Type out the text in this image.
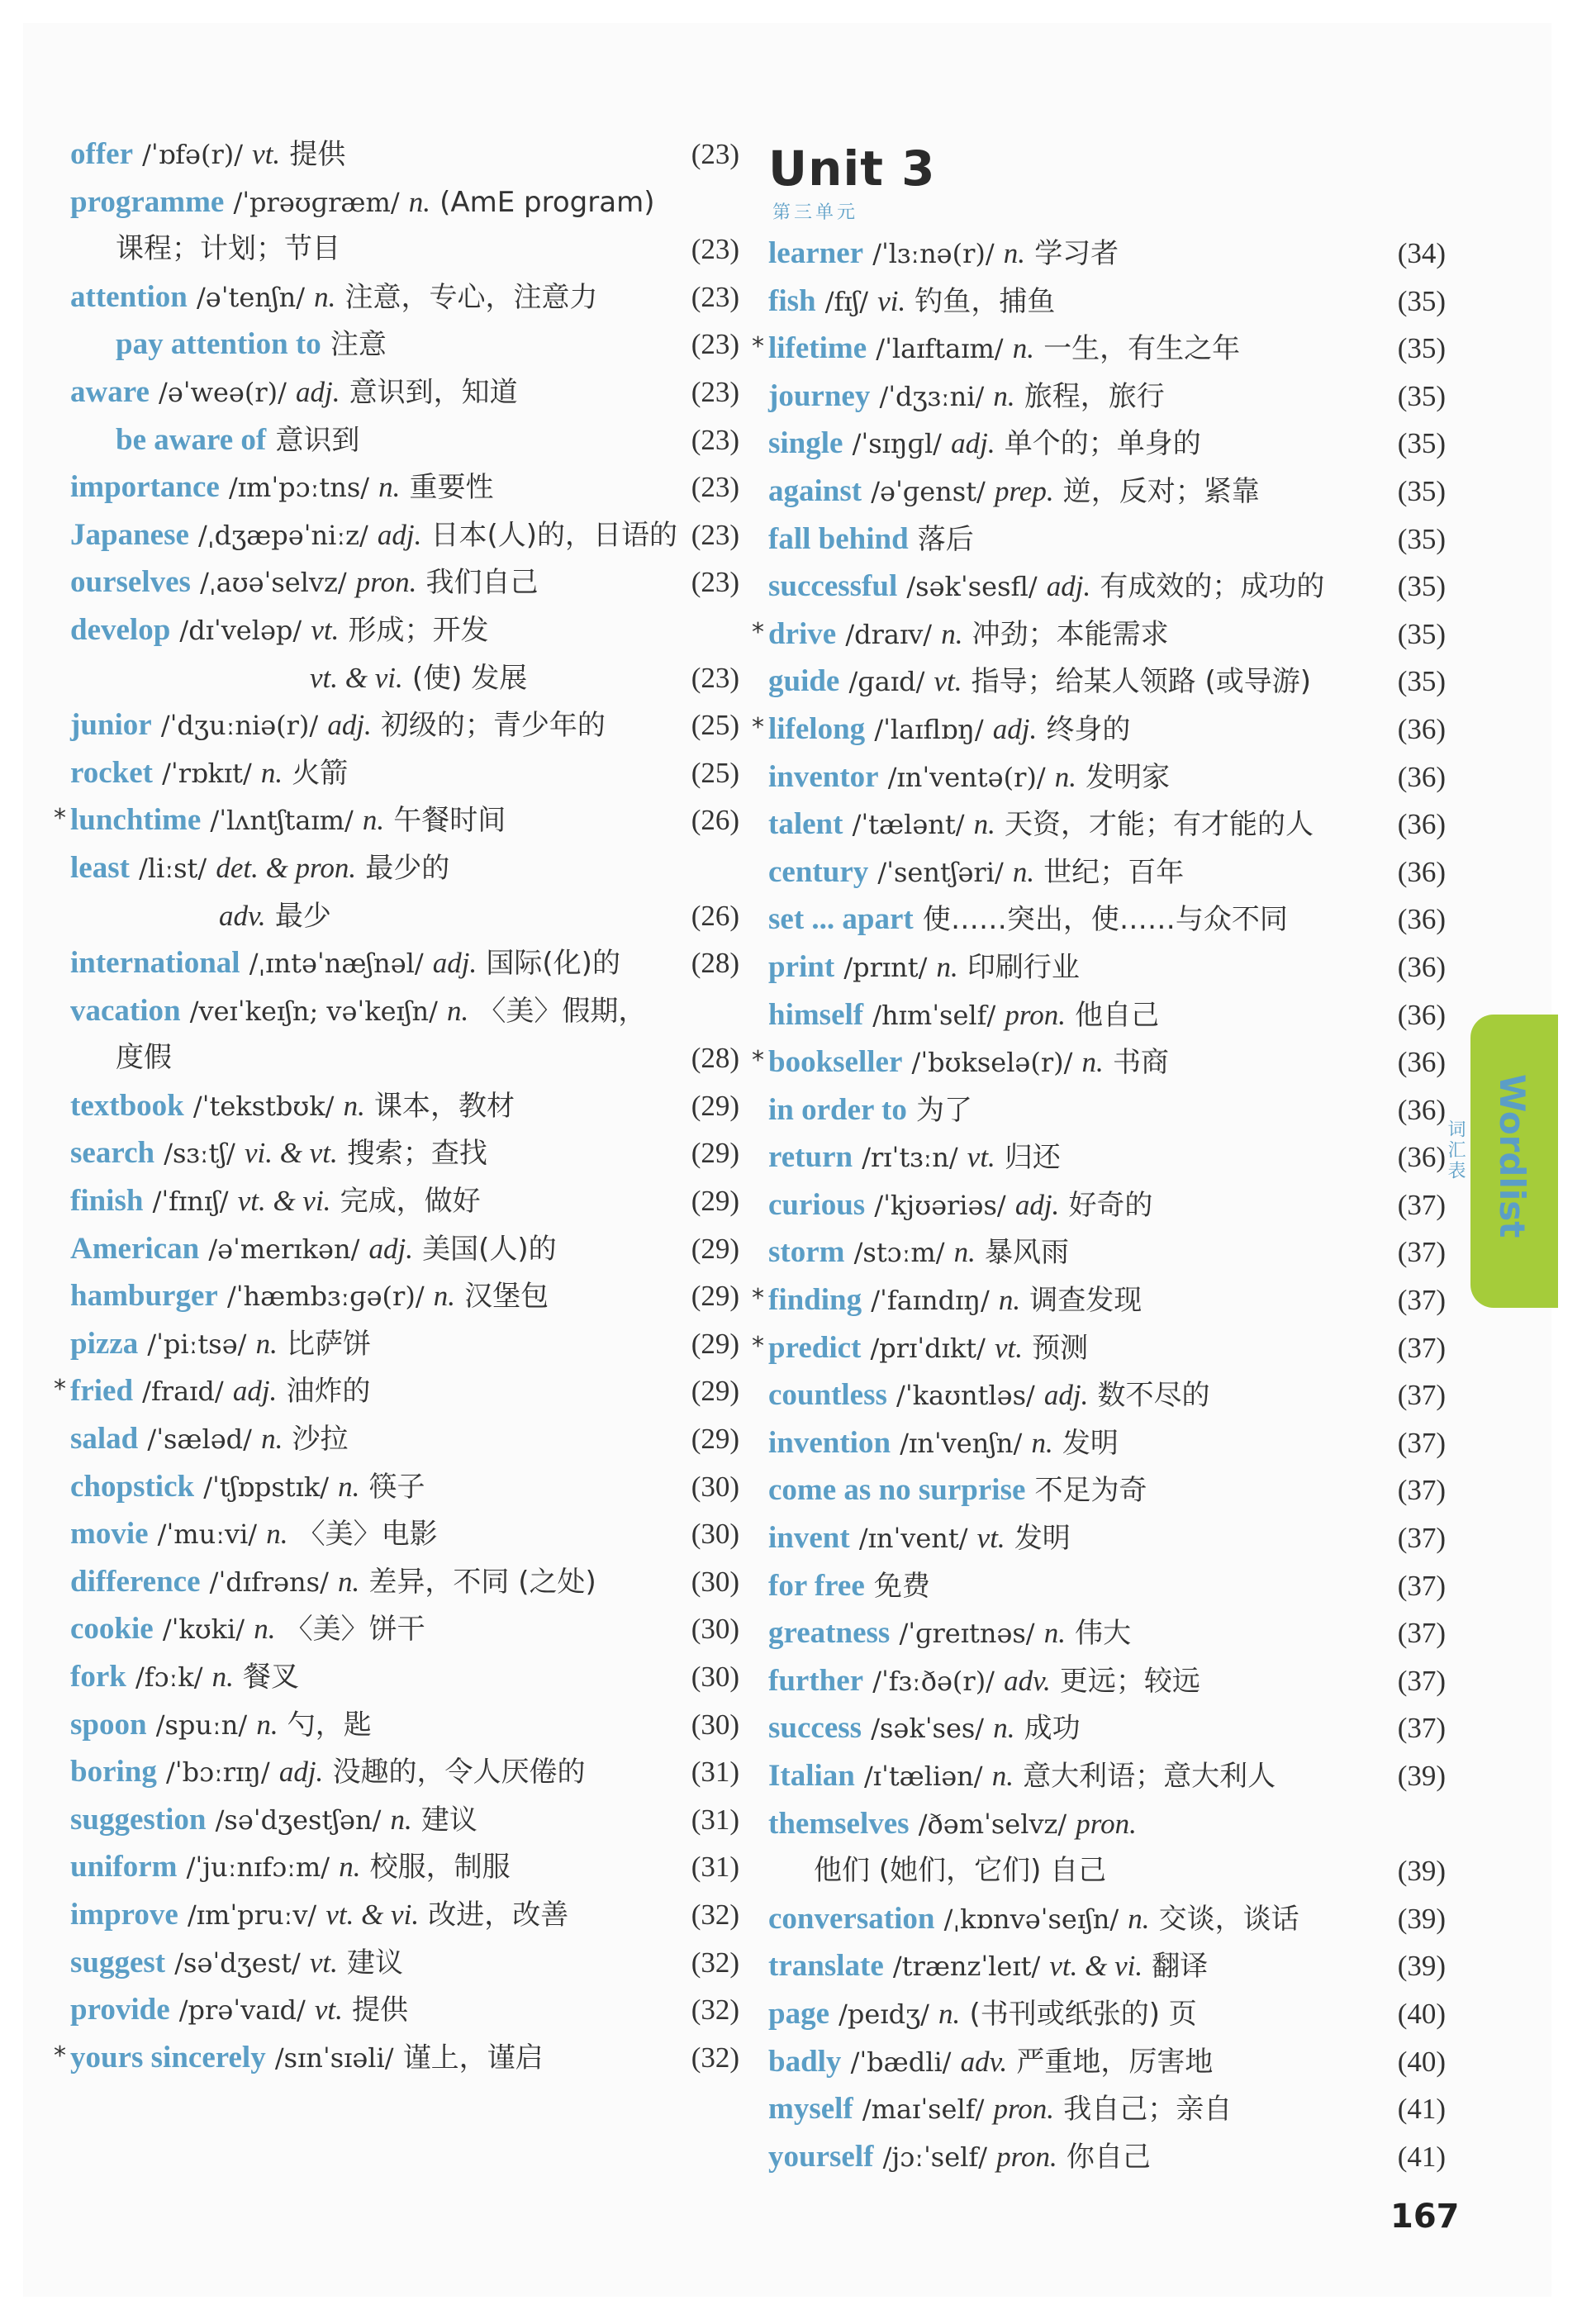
offer /ˈɒfə(r)/ vt. 提供	(23)
programme /ˈprəʊɡræm/ n. (AmE program)
课程；计划；节目	(23)
attention /əˈtenʃn/ n. 注意，专心，注意力	(23)
pay attention to 注意	(23)
aware /əˈweə(r)/ adj. 意识到，知道	(23)
be aware of 意识到	(23)
importance /ɪmˈpɔːtns/ n. 重要性	(23)
Japanese /ˌdʒæpəˈniːz/ adj. 日本(人)的，日语的 (23)
ourselves /ˌaʊəˈselvz/ pron. 我们自己	(23)
develop /dɪˈveləp/ vt. 形成；开发
vt. & vi. (使) 发展	(23)
junior /ˈdʒuːniə(r)/ adj. 初级的；青少年的	(25)
rocket /ˈrɒkɪt/ n. 火箭	(25)
* lunchtime /ˈlʌntʃtaɪm/ n. 午餐时间	(26)
least /liːst/ det. & pron. 最少的
adv. 最少	(26)
international /ˌɪntəˈnæʃnəl/ adj. 国际(化)的 (28)
vacation /veɪˈkeɪʃn; vəˈkeɪʃn/ n. 〈美〉假期，
度假	(28)
textbook /ˈtekstbʊk/ n. 课本，教材	(29)
search /sɜːtʃ/ vi. & vt. 搜索；查找	(29)
finish /ˈfɪnɪʃ/ vt. & vi. 完成，做好	(29)
American /əˈmerɪkən/ adj. 美国(人)的	(29)
hamburger /ˈhæmbɜːɡə(r)/ n. 汉堡包	(29)
pizza /ˈpiːtsə/ n. 比萨饼	(29)
* fried /fraɪd/ adj. 油炸的	(29)
salad /ˈsæləd/ n. 沙拉	(29)
chopstick /ˈtʃɒpstɪk/ n. 筷子	(30)
movie /ˈmuːvi/ n. 〈美〉电影	(30)
difference /ˈdɪfrəns/ n. 差异，不同 (之处)	(30)
cookie /ˈkʊki/ n. 〈美〉饼干	(30)
fork /fɔːk/ n. 餐叉	(30)
spoon /spuːn/ n. 勺，匙	(30)
boring /ˈbɔːrɪŋ/ adj. 没趣的，令人厌倦的	(31)
suggestion /səˈdʒestʃən/ n. 建议	(31)
uniform /ˈjuːnɪfɔːm/ n. 校服，制服	(31)
improve /ɪmˈpruːv/ vt. & vi. 改进，改善	(32)
suggest /səˈdʒest/ vt. 建议	(32)
provide /prəˈvaɪd/ vt. 提供	(32)
* yours sincerely /sɪnˈsɪəli/ 谨上，谨启	(32)
Unit 3
第三单元
learner /ˈlɜːnə(r)/ n. 学习者	(34)
fish /fɪʃ/ vi. 钓鱼，捕鱼	(35)
* lifetime /ˈlaɪftaɪm/ n. 一生，有生之年	(35)
journey /ˈdʒɜːni/ n. 旅程，旅行	(35)
single /ˈsɪŋɡl/ adj. 单个的；单身的	(35)
against /əˈɡenst/ prep. 逆，反对；紧靠	(35)
fall behind 落后	(35)
successful /səkˈsesfl/ adj. 有成效的；成功的	(35)
* drive /draɪv/ n. 冲劲；本能需求	(35)
guide /ɡaɪd/ vt. 指导；给某人领路 (或导游)	(35)
* lifelong /ˈlaɪflɒŋ/ adj. 终身的	(36)
inventor /ɪnˈventə(r)/ n. 发明家	(36)
talent /ˈtælənt/ n. 天资，才能；有才能的人	(36)
century /ˈsentʃəri/ n. 世纪；百年	(36)
set ... apart 使……突出，使……与众不同	(36)
print /prɪnt/ n. 印刷行业	(36)
himself /hɪmˈself/ pron. 他自己	(36)
* bookseller /ˈbʊkselə(r)/ n. 书商	(36)
in order to 为了	(36)
return /rɪˈtɜːn/ vt. 归还	(36)
curious /ˈkjʊəriəs/ adj. 好奇的	(37)
storm /stɔːm/ n. 暴风雨	(37)
* finding /ˈfaɪndɪŋ/ n. 调查发现	(37)
* predict /prɪˈdɪkt/ vt. 预测	(37)
countless /ˈkaʊntləs/ adj. 数不尽的	(37)
invention /ɪnˈvenʃn/ n. 发明	(37)
come as no surprise 不足为奇	(37)
invent /ɪnˈvent/ vt. 发明	(37)
for free 免费	(37)
greatness /ˈɡreɪtnəs/ n. 伟大	(37)
further /ˈfɜːðə(r)/ adv. 更远；较远	(37)
success /səkˈses/ n. 成功	(37)
Italian /ɪˈtæliən/ n. 意大利语；意大利人	(39)
themselves /ðəmˈselvz/ pron.
他们 (她们，它们) 自己	(39)
conversation /ˌkɒnvəˈseɪʃn/ n. 交谈，谈话	(39)
translate /trænzˈleɪt/ vt. & vi. 翻译	(39)
page /peɪdʒ/ n. (书刊或纸张的) 页	(40)
badly /ˈbædli/ adv. 严重地，厉害地	(40)
myself /maɪˈself/ pron. 我自己；亲自	(41)
yourself /jɔːˈself/ pron. 你自己	(41)
Wordlist
词汇表
167
